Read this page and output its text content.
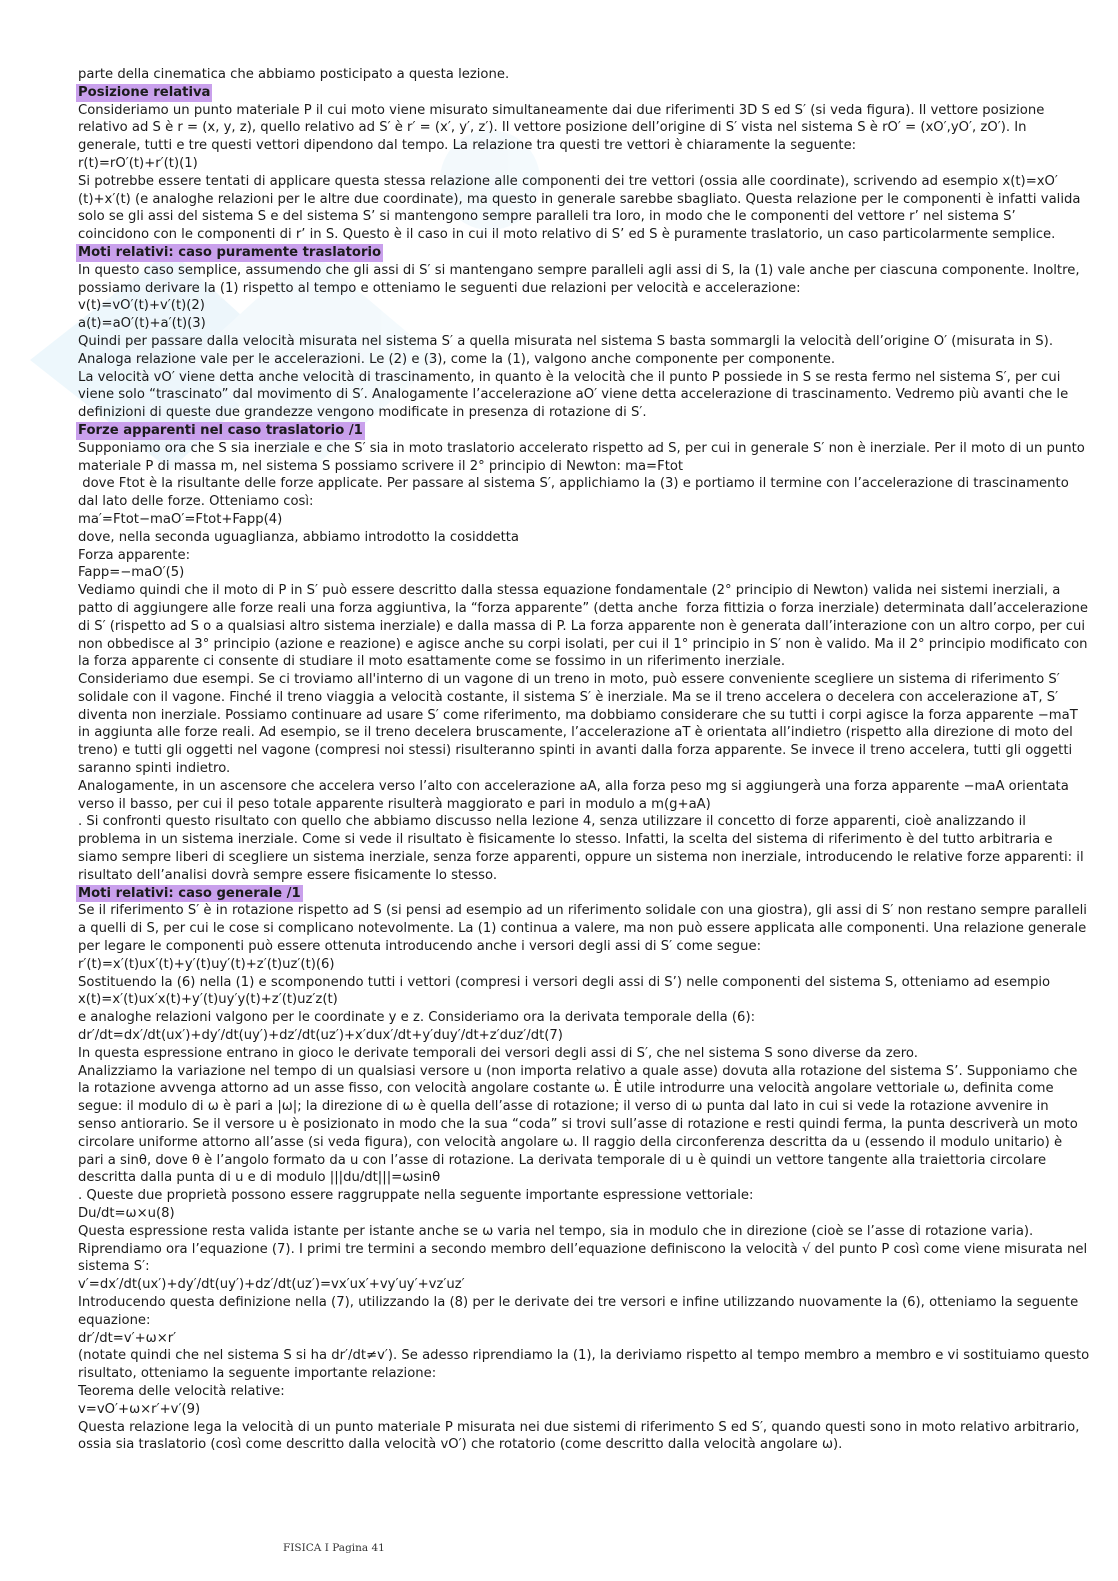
parte della cinematica che abbiamo posticipato a questa lezione.

Posizione relativa

Consideriamo un punto materiale P il cui moto viene misurato simultaneamente dai due riferimenti 3D S ed S′ (si veda figura). Il vettore posizione relativo ad S è r = (x, y, z), quello relativo ad S′ è r′ = (x′, y′, z′). Il vettore posizione dell’origine di S′ vista nel sistema S è rO′ = (xO′,yO′, zO′). In generale, tutti e tre questi vettori dipendono dal tempo. La relazione tra questi tre vettori è chiaramente la seguente:

r(t)=rO′(t)+r′(t)(1)

Si potrebbe essere tentati di applicare questa stessa relazione alle componenti dei tre vettori (ossia alle coordinate), scrivendo ad esempio x(t)=xO′(t)+x′(t) (e analoghe relazioni per le altre due coordinate), ma questo in generale sarebbe sbagliato. Questa relazione per le componenti è infatti valida solo se gli assi del sistema S e del sistema S’ si mantengono sempre paralleli tra loro, in modo che le componenti del vettore r’ nel sistema S’ coincidono con le componenti di r’ in S. Questo è il caso in cui il moto relativo di S’ ed S è puramente traslatorio, un caso particolarmente semplice.

Moti relativi: caso puramente traslatorio

In questo caso semplice, assumendo che gli assi di S′ si mantengano sempre paralleli agli assi di S, la (1) vale anche per ciascuna componente. Inoltre, possiamo derivare la (1) rispetto al tempo e otteniamo le seguenti due relazioni per velocità e accelerazione:

v(t)=vO′(t)+v′(t)(2)

a(t)=aO′(t)+a′(t)(3)

Quindi per passare dalla velocità misurata nel sistema S′ a quella misurata nel sistema S basta sommargli la velocità dell’origine O′ (misurata in S). Analoga relazione vale per le accelerazioni. Le (2) e (3), come la (1), valgono anche componente per componente.

La velocità vO′ viene detta anche velocità di trascinamento, in quanto è la velocità che il punto P possiede in S se resta fermo nel sistema S′, per cui viene solo “trascinato” dal movimento di S′. Analogamente l’accelerazione aO′ viene detta accelerazione di trascinamento. Vedremo più avanti che le definizioni di queste due grandezze vengono modificate in presenza di rotazione di S′.

Forze apparenti nel caso traslatorio /1

Supponiamo ora che S sia inerziale e che S′ sia in moto traslatorio accelerato rispetto ad S, per cui in generale S′ non è inerziale. Per il moto di un punto materiale P di massa m, nel sistema S possiamo scrivere il 2° principio di Newton: ma=Ftot

dove Ftot è la risultante delle forze applicate. Per passare al sistema S′, applichiamo la (3) e portiamo il termine con l’accelerazione di trascinamento dal lato delle forze. Otteniamo così:

ma′=Ftot−maO′=Ftot+Fapp(4)

dove, nella seconda uguaglianza, abbiamo introdotto la cosiddetta

Forza apparente:

Fapp=−maO′(5)

Vediamo quindi che il moto di P in S′ può essere descritto dalla stessa equazione fondamentale (2° principio di Newton) valida nei sistemi inerziali, a patto di aggiungere alle forze reali una forza aggiuntiva, la “forza apparente” (detta anche  forza fittizia o forza inerziale) determinata dall’accelerazione di S′ (rispetto ad S o a qualsiasi altro sistema inerziale) e dalla massa di P. La forza apparente non è generata dall’interazione con un altro corpo, per cui non obbedisce al 3° principio (azione e reazione) e agisce anche su corpi isolati, per cui il 1° principio in S′ non è valido. Ma il 2° principio modificato con la forza apparente ci consente di studiare il moto esattamente come se fossimo in un riferimento inerziale.

Consideriamo due esempi. Se ci troviamo all'interno di un vagone di un treno in moto, può essere conveniente scegliere un sistema di riferimento S′ solidale con il vagone. Finché il treno viaggia a velocità costante, il sistema S′ è inerziale. Ma se il treno accelera o decelera con accelerazione aT, S′ diventa non inerziale. Possiamo continuare ad usare S′ come riferimento, ma dobbiamo considerare che su tutti i corpi agisce la forza apparente −maT in aggiunta alle forze reali. Ad esempio, se il treno decelera bruscamente, l’accelerazione aT è orientata all’indietro (rispetto alla direzione di moto del treno) e tutti gli oggetti nel vagone (compresi noi stessi) risulteranno spinti in avanti dalla forza apparente. Se invece il treno accelera, tutti gli oggetti saranno spinti indietro.

Analogamente, in un ascensore che accelera verso l’alto con accelerazione aA, alla forza peso mg si aggiungerà una forza apparente −maA orientata verso il basso, per cui il peso totale apparente risulterà maggiorato e pari in modulo a m(g+aA)

. Si confronti questo risultato con quello che abbiamo discusso nella lezione 4, senza utilizzare il concetto di forze apparenti, cioè analizzando il problema in un sistema inerziale. Come si vede il risultato è fisicamente lo stesso. Infatti, la scelta del sistema di riferimento è del tutto arbitraria e siamo sempre liberi di scegliere un sistema inerziale, senza forze apparenti, oppure un sistema non inerziale, introducendo le relative forze apparenti: il risultato dell’analisi dovrà sempre essere fisicamente lo stesso.

Moti relativi: caso generale /1

Se il riferimento S′ è in rotazione rispetto ad S (si pensi ad esempio ad un riferimento solidale con una giostra), gli assi di S′ non restano sempre paralleli a quelli di S, per cui le cose si complicano notevolmente. La (1) continua a valere, ma non può essere applicata alle componenti. Una relazione generale per legare le componenti può essere ottenuta introducendo anche i versori degli assi di S′ come segue:

r′(t)=x′(t)ux′(t)+y′(t)uy′(t)+z′(t)uz′(t)(6)

Sostituendo la (6) nella (1) e scomponendo tutti i vettori (compresi i versori degli assi di S’) nelle componenti del sistema S, otteniamo ad esempio x(t)=x′(t)ux′x(t)+y′(t)uy′y(t)+z′(t)uz′z(t)

e analoghe relazioni valgono per le coordinate y e z. Consideriamo ora la derivata temporale della (6):

dr′/dt=dx′/dt(ux′)+dy′/dt(uy′)+dz′/dt(uz′)+x′dux′/dt+y′duy′/dt+z′duz′/dt(7)

In questa espressione entrano in gioco le derivate temporali dei versori degli assi di S′, che nel sistema S sono diverse da zero.

Analizziamo la variazione nel tempo di un qualsiasi versore u (non importa relativo a quale asse) dovuta alla rotazione del sistema S’. Supponiamo che la rotazione avvenga attorno ad un asse fisso, con velocità angolare costante ω. È utile introdurre una velocità angolare vettoriale ω, definita come segue: il modulo di ω è pari a |ω|; la direzione di ω è quella dell’asse di rotazione; il verso di ω punta dal lato in cui si vede la rotazione avvenire in senso antiorario. Se il versore u è posizionato in modo che la sua “coda” si trovi sull’asse di rotazione e resti quindi ferma, la punta descriverà un moto circolare uniforme attorno all’asse (si veda figura), con velocità angolare ω. Il raggio della circonferenza descritta da u (essendo il modulo unitario) è pari a sinθ, dove θ è l’angolo formato da u con l’asse di rotazione. La derivata temporale di u è quindi un vettore tangente alla traiettoria circolare descritta dalla punta di u e di modulo |||du/dt|||=ωsinθ

. Queste due proprietà possono essere raggruppate nella seguente importante espressione vettoriale:

Du/dt=ω×u(8)

Questa espressione resta valida istante per istante anche se ω varia nel tempo, sia in modulo che in direzione (cioè se l’asse di rotazione varia).

Riprendiamo ora l’equazione (7). I primi tre termini a secondo membro dell’equazione definiscono la velocità √ del punto P così come viene misurata nel sistema S′:

v′=dx′/dt(ux′)+dy′/dt(uy′)+dz′/dt(uz′)=vx′ux′+vy′uy′+vz′uz′

Introducendo questa definizione nella (7), utilizzando la (8) per le derivate dei tre versori e infine utilizzando nuovamente la (6), otteniamo la seguente equazione:

dr′/dt=v′+ω×r′

(notate quindi che nel sistema S si ha dr′/dt≠v′). Se adesso riprendiamo la (1), la deriviamo rispetto al tempo membro a membro e vi sostituiamo questo risultato, otteniamo la seguente importante relazione:

Teorema delle velocità relative:

v=vO′+ω×r′+v′(9)

Questa relazione lega la velocità di un punto materiale P misurata nei due sistemi di riferimento S ed S′, quando questi sono in moto relativo arbitrario, ossia sia traslatorio (così come descritto dalla velocità vO′) che rotatorio (come descritto dalla velocità angolare ω).

FISICA I Pagina 41
